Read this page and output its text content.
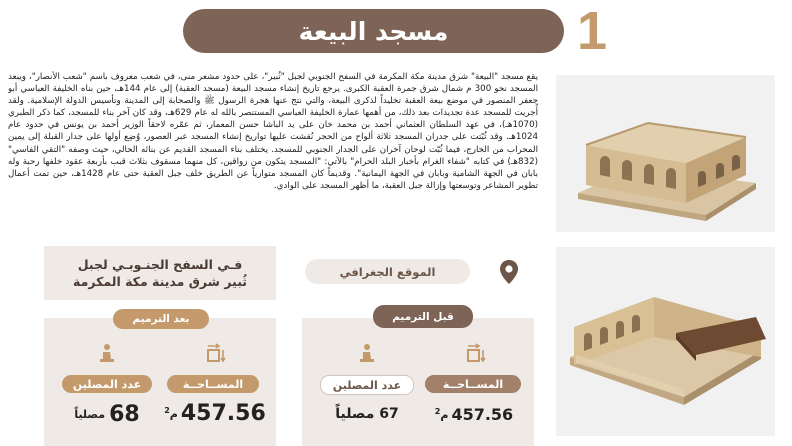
مسجد البيعة 1
يقع مسجد "البيعة" شرق مدينة مكة المكرمة في السفح الجنوبي لجبل "ثُبير"، على حدود مشعر منى، في شعب معروف باسم "شعب الأنصار"، ويبعد المسجد نحو 300 م شمال شرق جمرة العقبة الكبرى. يرجع تاريخ إنشاء مسجد البيعة (مسجد العقبة) إلى عام 144هـ، حين بناه الخليفة العباسي أبو جعفر المنصور في موضع بيعة العقبة تخليداً لذكرى البيعة، والتي نتج عنها هجرة الرسول ﷺ والصحابة إلى المدينة وتأسيس الدولة الإسلامية. ولقد أُجريت للمسجد عدة تجديدات بعد ذلك، من أهمها عمارة الخليفة العباسي المستنصر بالله له عام 629هـ، وقد كان آخر بناء للمسجد، كما ذكر الطبري (1070هـ)، في عهد السلطان العثماني أحمد بن محمد خان على يد الباشا حسن المعمار، ثم عمّره لاحقاً الوزير أحمد بن يونس في حدود عام 1024هـ. وقد ثُبّتت على جدران المسجد ثلاثة ألواح من الحجر نُقشت عليها تواريخ إنشاء المسجد عبر العصور، وُضِع أولها على جدار القبلة إلى يمين المحراب من الخارج، فيما ثُبّت لوحان آخران على الجدار الجنوبي للمسجد. يختلف بناء المسجد القديم عن بنائه الحالي، حيث وصفه "التقي الفاسي" (832هـ) في كتابه "شفاء الغرام بأخبار البلد الحرام" بالآتي: "المسجد يتكون من رواقين، كل منهما مسقوف بثلاث قبب بأربعة عقود خلفها رحبة وله بابان في الجهة الشامية وبابان في الجهة اليمانية". وقديماً كان المسجد متوارياً عن الطريق خلف جبل العقبة حتى عام 1428هـ، حين تمت أعمال تطوير المشاعر وتوسعتها وإزالة جبل العقبة، ما أظهر المسجد على الوادي.
فـي السفح الجنـوبـي لجبل
ثُبير شرق مدينة مكة المكرمة
الموقع الجغرافي
بعد الترميم
عدد المصلين	المســاحــة
68
مصلياً	م$^2$ 457.56
قبل الترميم
عدد المصلين	المســاحــة
67 مصلياً	م$^2$ 457.56
